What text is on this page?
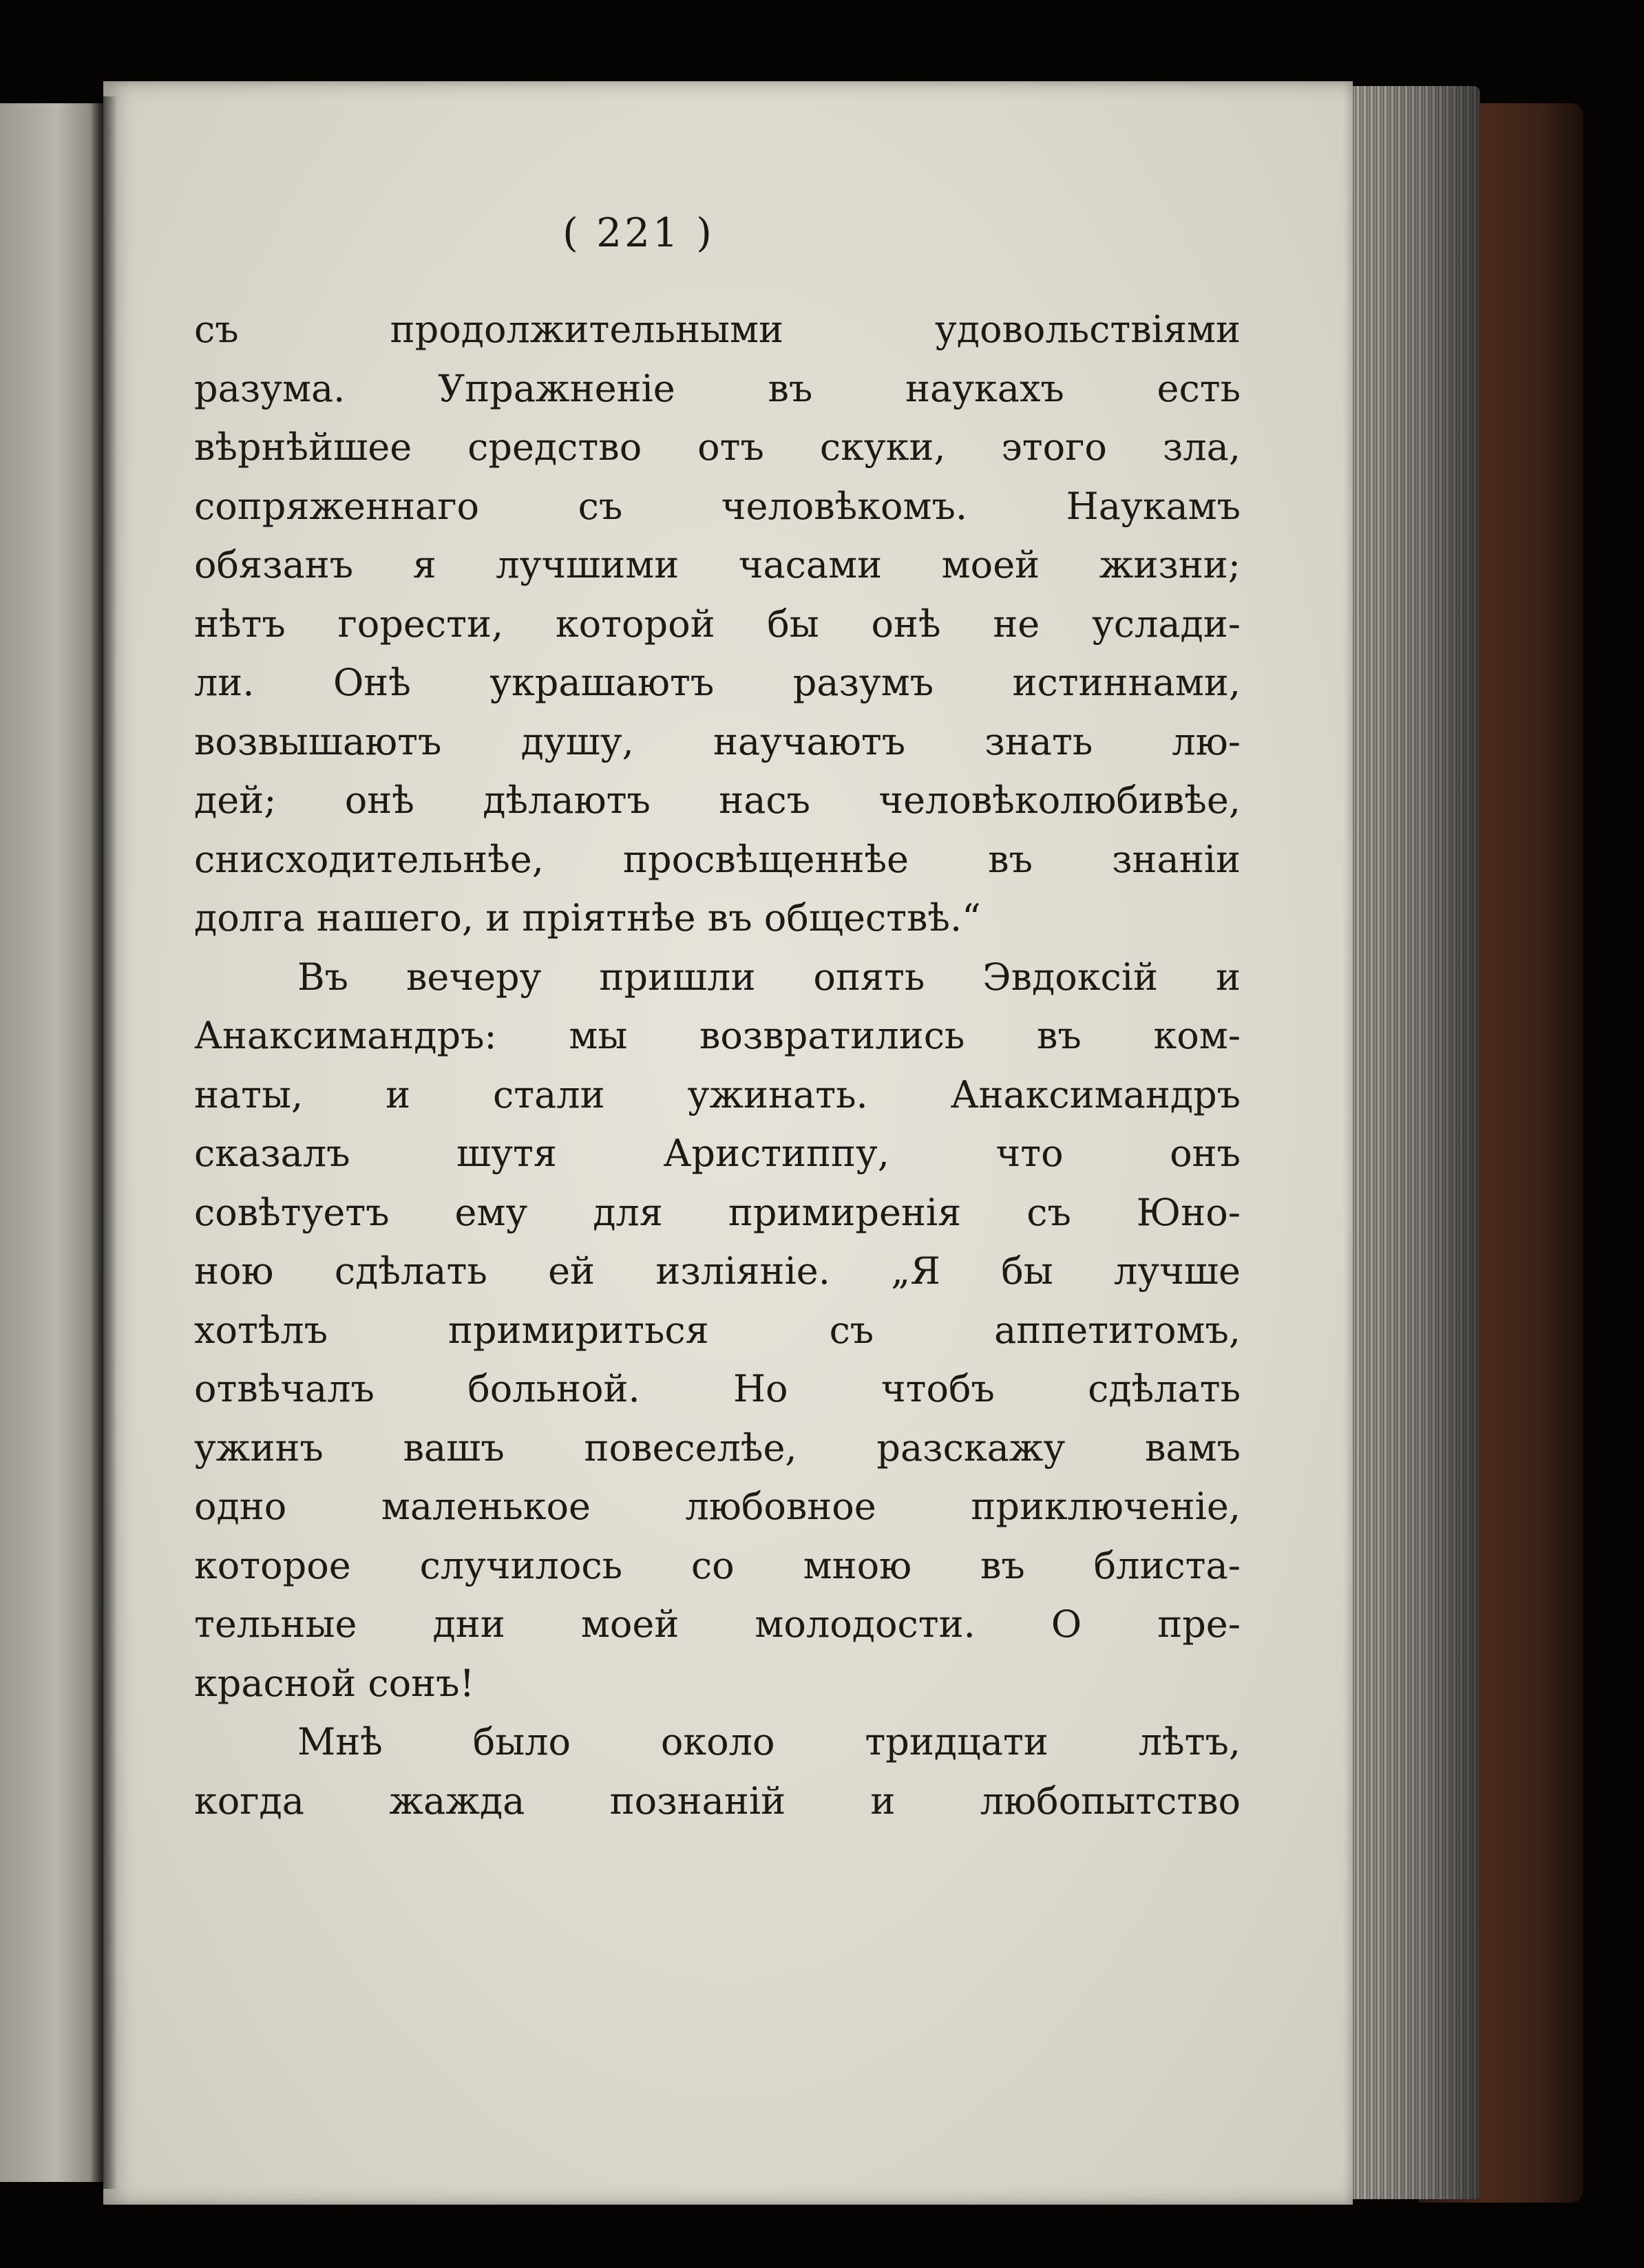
( 221 )
съ продолжительными удовольствіями
разума. Упражненіе въ наукахъ есть
вѣрнѣйшее средство отъ скуки, этого зла,
сопряженнаго съ человѣкомъ. Наукамъ
обязанъ я лучшими часами моей жизни;
нѣтъ горести, которой бы онѣ не услади-
ли. Онѣ украшаютъ разумъ истиннами,
возвышаютъ душу, научаютъ знать лю-
дей; онѣ дѣлаютъ насъ человѣколюбивѣе,
снисходительнѣе, просвѣщеннѣе въ знаніи
долга нашего, и пріятнѣе въ обществѣ.“
Въ вечеру пришли опять Эвдоксій и
Анаксимандръ: мы возвратились въ ком-
наты, и стали ужинать. Анаксимандръ
сказалъ шутя Аристиппу, что онъ
совѣтуетъ ему для примиренія съ Юно-
ною сдѣлать ей изліяніе. „Я бы лучше
хотѣлъ примириться съ аппетитомъ,
отвѣчалъ больной. Но чтобъ сдѣлать
ужинъ вашъ повеселѣе, разскажу вамъ
одно маленькое любовное приключеніе,
которое случилось со мною въ блиста-
тельные дни моей молодости. О пре-
красной сонъ!
Мнѣ было около тридцати лѣтъ,
когда жажда познаній и любопытство
